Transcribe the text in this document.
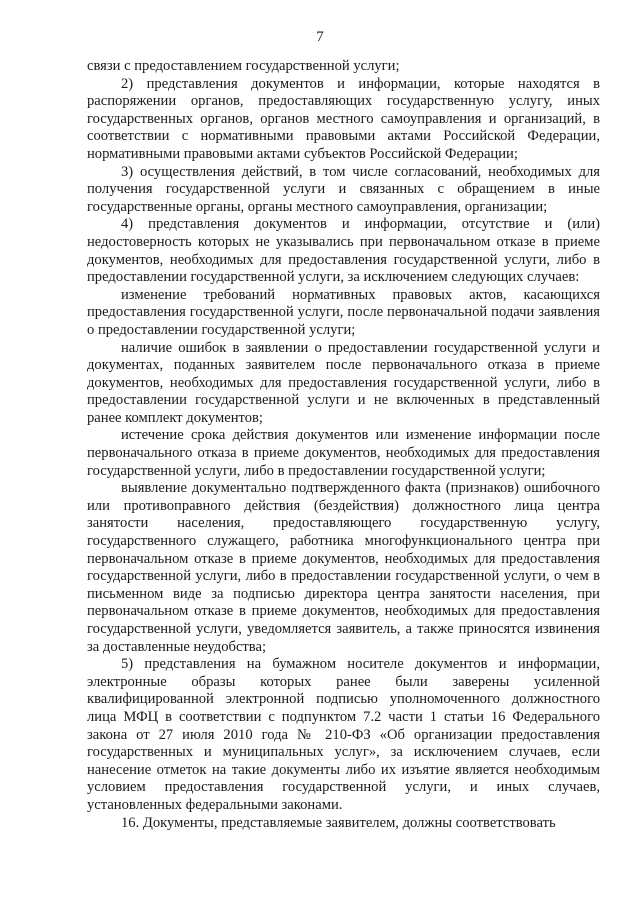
7

связи с предоставлением государственной услуги;

2) представления документов и информации, которые находятся в распоряжении органов, предоставляющих государственную услугу, иных государственных органов, органов местного самоуправления и организаций, в соответствии с нормативными правовыми актами Российской Федерации, нормативными правовыми актами субъектов Российской Федерации;

3) осуществления действий, в том числе согласований, необходимых для получения государственной услуги и связанных с обращением в иные государственные органы, органы местного самоуправления, организации;

4) представления документов и информации, отсутствие и (или) недостоверность которых не указывались при первоначальном отказе в приеме документов, необходимых для предоставления государственной услуги, либо в предоставлении государственной услуги, за исключением следующих случаев:

изменение требований нормативных правовых актов, касающихся предоставления государственной услуги, после первоначальной подачи заявления о предоставлении государственной услуги;

наличие ошибок в заявлении о предоставлении государственной услуги и документах, поданных заявителем после первоначального отказа в приеме документов, необходимых для предоставления государственной услуги, либо в предоставлении государственной услуги и не включенных в представленный ранее комплект документов;

истечение срока действия документов или изменение информации после первоначального отказа в приеме документов, необходимых для предоставления государственной услуги, либо в предоставлении государственной услуги;

выявление документально подтвержденного факта (признаков) ошибочного или противоправного действия (бездействия) должностного лица центра занятости населения, предоставляющего государственную услугу, государственного служащего, работника многофункционального центра при первоначальном отказе в приеме документов, необходимых для предоставления государственной услуги, либо в предоставлении государственной услуги, о чем в письменном виде за подписью директора центра занятости населения, при первоначальном отказе в приеме документов, необходимых для предоставления государственной услуги, уведомляется заявитель, а также приносятся извинения за доставленные неудобства;

5) представления на бумажном носителе документов и информации, электронные образы которых ранее были заверены усиленной квалифицированной электронной подписью уполномоченного должностного лица МФЦ в соответствии с подпунктом 7.2 части 1 статьи 16 Федерального закона от 27 июля 2010 года № 210-ФЗ «Об организации предоставления государственных и муниципальных услуг», за исключением случаев, если нанесение отметок на такие документы либо их изъятие является необходимым условием предоставления государственной услуги, и иных случаев, установленных федеральными законами.

16. Документы, представляемые заявителем, должны соответствовать
